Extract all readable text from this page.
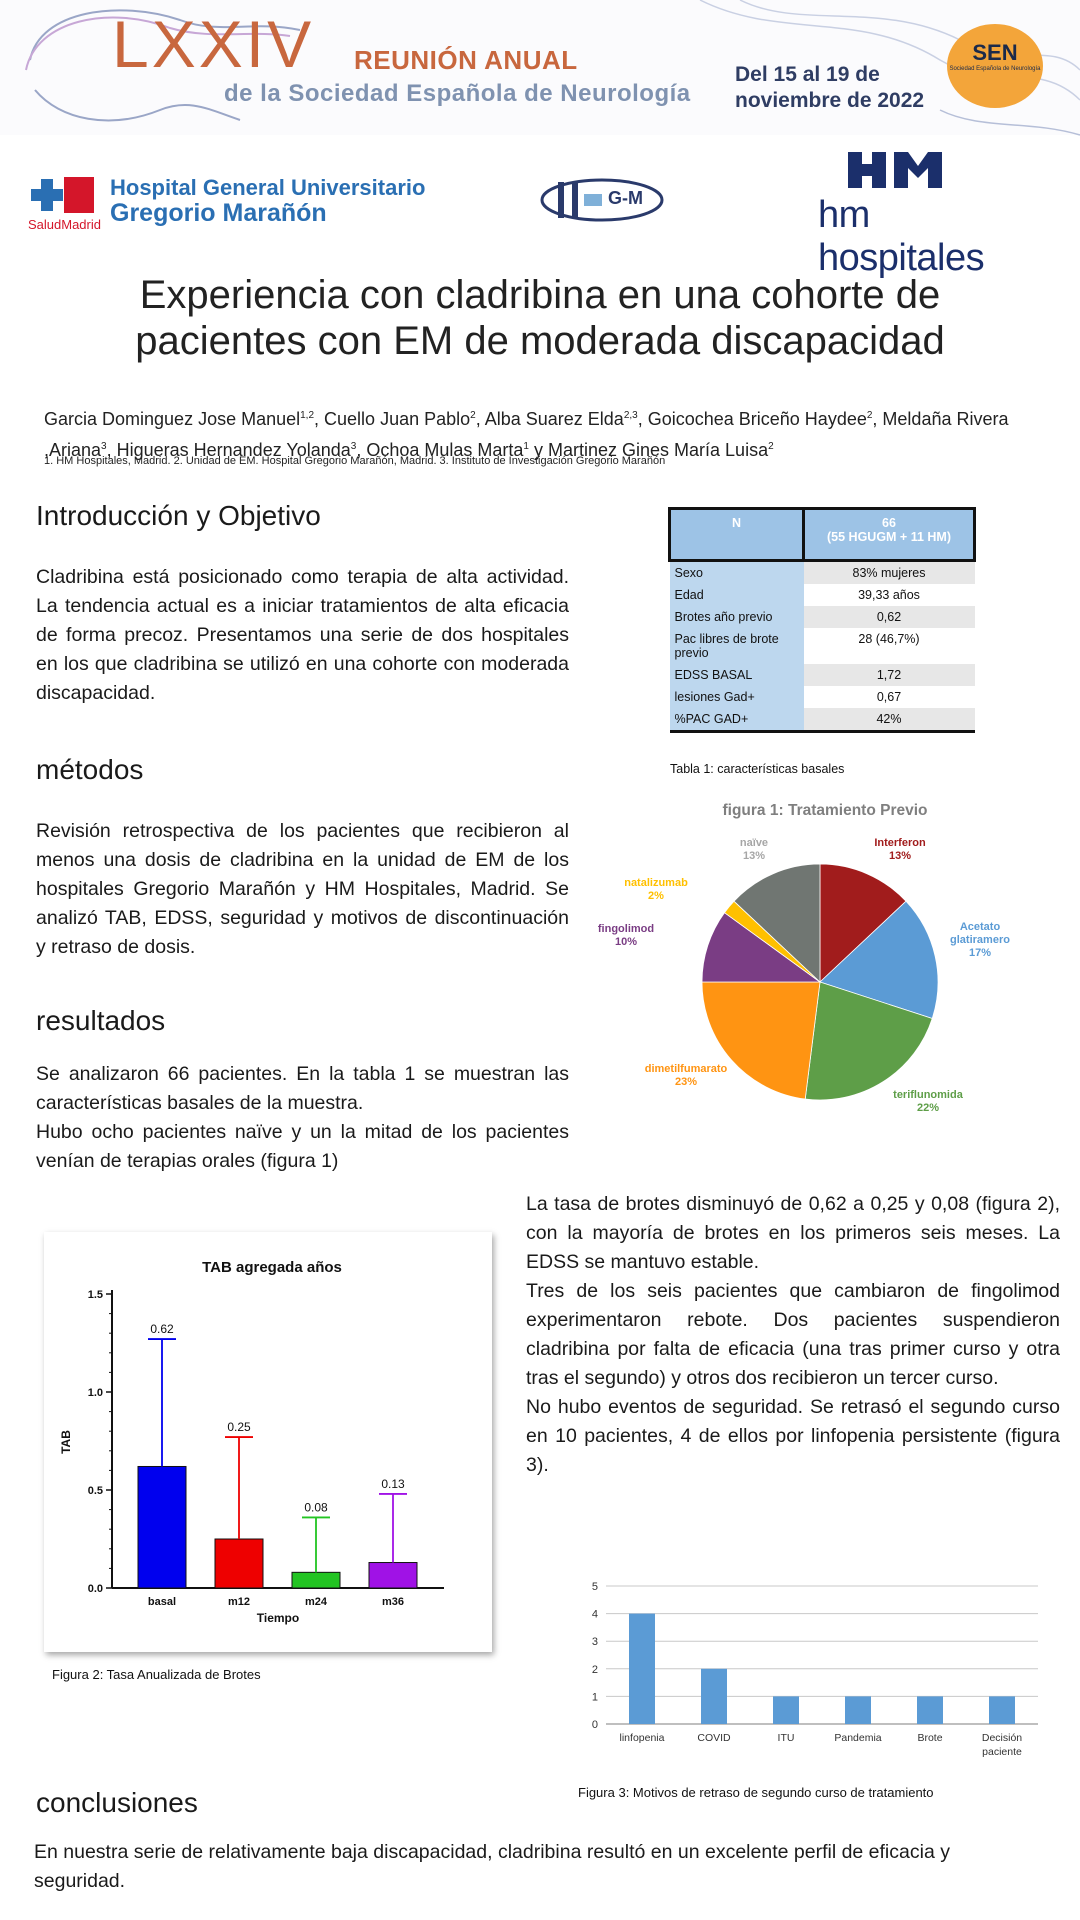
LXXIV REUNIÓN ANUAL
de la Sociedad Española de Neurología
Del 15 al 19 de
noviembre de 2022
SEN
Sociedad Española de Neurología
SaludMadrid
Hospital General Universitario
Gregorio Marañón
G-M	hm hospitales
Experiencia con cladribina en una cohorte de
pacientes con EM de moderada discapacidad
Garcia Dominguez Jose Manuel$^{1,2}$, Cuello Juan Pablo$^2$, Alba Suarez Elda$^{2,3}$, Goicochea Briceño Haydee$^2$, Meldaña Rivera ,Ariana$^3$, Higueras Hernandez Yolanda$^3$, Ochoa Mulas Marta$^1$ y Martinez Gines María Luisa$^2$
1. HM Hospitales, Madrid. 2. Unidad de EM. Hospital Gregorio Marañón, Madrid. 3. Instituto de Investigación Gregorio Marañón
Introducción y Objetivo
Cladribina está posicionado como terapia de alta actividad. La tendencia actual es a iniciar tratamientos de alta eficacia de forma precoz. Presentamos una serie de dos hospitales en los que cladribina se utilizó en una cohorte con moderada discapacidad.
métodos
Revisión retrospectiva de los pacientes que recibieron al menos una dosis de cladribina en la unidad de EM de los hospitales Gregorio Marañón y HM Hospitales, Madrid. Se analizó TAB, EDSS, seguridad y motivos de discontinuación y retraso de dosis.
resultados
Se analizaron 66 pacientes. En la tabla 1 se muestran las características basales de la muestra.
Hubo ocho pacientes naïve y un la mitad de los pacientes venían de terapias orales (figura 1)
La tasa de brotes disminuyó de 0,62 a 0,25 y 0,08 (figura 2), con la mayoría de brotes en los primeros seis meses. La EDSS se mantuvo estable.
Tres de los seis pacientes que cambiaron de fingolimod experimentaron rebote. Dos pacientes suspendieron cladribina por falta de eficacia (una tras primer curso y otra tras el segundo) y otros dos recibieron un tercer curso.
No hubo eventos de seguridad. Se retrasó el segundo curso en 10 pacientes, 4 de ellos por linfopenia persistente (figura 3).
conclusiones
En nuestra serie de relativamente baja discapacidad, cladribina resultó en un excelente perfil de eficacia y seguridad.
N	66
(55 HGUGM + 11 HM)

Sexo	83% mujeres
Edad	39,33 años
Brotes año previo	0,62
Pac libres de brote previo	28 (46,7%)
EDSS BASAL	1,72
lesiones Gad+	0,67
%PAC GAD+	42%
Tabla 1: características basales
figura 1: Tratamiento Previo
Interferon
13%
Acetato glatiramero
17%
teriflunomida
22%
dimetilfumarato
23%
fingolimod
10%
natalizumab
2%
naïve
13%
TAB agregada años
0.0
0.5
1.0
1.5
TAB
Tiempo
0.62
basal
0.25
m12
0.08
m24
0.13
m36
Figura 2: Tasa Anualizada de Brotes
0
1
2
3
4
5
linfopenia	COVID	ITU	Pandemia	Brote	Decisión paciente
Figura 3: Motivos de retraso de segundo curso de tratamiento
